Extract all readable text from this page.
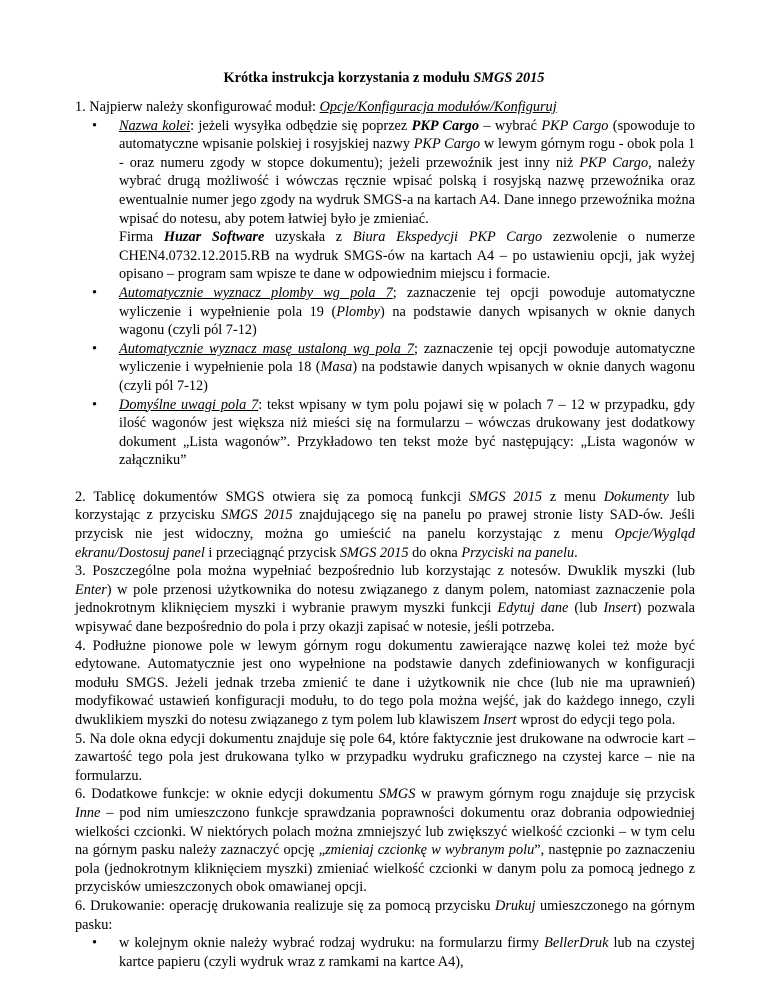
Krótka instrukcja korzystania z modułu SMGS 2015

1. Najpierw należy skonfigurować moduł: Opcje/Konfiguracja modułów/Konfiguruj

• Nazwa kolei: jeżeli wysyłka odbędzie się poprzez PKP Cargo – wybrać PKP Cargo (spowoduje to automatyczne wpisanie polskiej i rosyjskiej nazwy PKP Cargo w lewym górnym rogu - obok pola 1 - oraz numeru zgody w stopce dokumentu); jeżeli przewoźnik jest inny niż PKP Cargo, należy wybrać drugą możliwość i wówczas ręcznie wpisać polską i rosyjską nazwę przewoźnika oraz ewentualnie numer jego zgody na wydruk SMGS-a na kartach A4. Dane innego przewoźnika można wpisać do notesu, aby potem łatwiej było je zmieniać.
Firma Huzar Software uzyskała z Biura Ekspedycji PKP Cargo zezwolenie o numerze CHEN4.0732.12.2015.RB na wydruk SMGS-ów na kartach A4 – po ustawieniu opcji, jak wyżej opisano – program sam wpisze te dane w odpowiednim miejscu i formacie.
• Automatycznie wyznacz plomby wg pola 7; zaznaczenie tej opcji powoduje automatyczne wyliczenie i wypełnienie pola 19 (Plomby) na podstawie danych wpisanych w oknie danych wagonu (czyli pól 7-12)
• Automatycznie wyznacz masę ustaloną wg pola 7; zaznaczenie tej opcji powoduje automatyczne wyliczenie i wypełnienie pola 18 (Masa) na podstawie danych wpisanych w oknie danych wagonu (czyli pól 7-12)
• Domyślne uwagi pola 7: tekst wpisany w tym polu pojawi się w polach 7 – 12 w przypadku, gdy ilość wagonów jest większa niż mieści się na formularzu – wówczas drukowany jest dodatkowy dokument „Lista wagonów”. Przykładowo ten tekst może być następujący: „Lista wagonów w załączniku”

2. Tablicę dokumentów SMGS otwiera się za pomocą funkcji SMGS 2015 z menu Dokumenty lub korzystając z przycisku SMGS 2015 znajdującego się na panelu po prawej stronie listy SAD-ów. Jeśli przycisk nie jest widoczny, można go umieścić na panelu korzystając z menu Opcje/Wygląd ekranu/Dostosuj panel i przeciągnąć przycisk SMGS 2015 do okna Przyciski na panelu.

3. Poszczególne pola można wypełniać bezpośrednio lub korzystając z notesów. Dwuklik myszki (lub Enter) w pole przenosi użytkownika do notesu związanego z danym polem, natomiast zaznaczenie pola jednokrotnym kliknięciem myszki i wybranie prawym myszki funkcji Edytuj dane (lub Insert) pozwala wpisywać dane bezpośrednio do pola i przy okazji zapisać w notesie, jeśli potrzeba.

4. Podłużne pionowe pole w lewym górnym rogu dokumentu zawierające nazwę kolei też może być edytowane. Automatycznie jest ono wypełnione na podstawie danych zdefiniowanych w konfiguracji modułu SMGS. Jeżeli jednak trzeba zmienić te dane i użytkownik nie chce (lub nie ma uprawnień) modyfikować ustawień konfiguracji modułu, to do tego pola można wejść, jak do każdego innego, czyli dwuklikiem myszki do notesu związanego z tym polem lub klawiszem Insert wprost do edycji tego pola.

5. Na dole okna edycji dokumentu znajduje się pole 64, które faktycznie jest drukowane na odwrocie kart – zawartość tego pola jest drukowana tylko w przypadku wydruku graficznego na czystej karce – nie na formularzu.

6. Dodatkowe funkcje: w oknie edycji dokumentu SMGS w prawym górnym rogu znajduje się przycisk Inne – pod nim umieszczono funkcje sprawdzania poprawności dokumentu oraz dobrania odpowiedniej wielkości czcionki. W niektórych polach można zmniejszyć lub zwiększyć wielkość czcionki – w tym celu na górnym pasku należy zaznaczyć opcję „zmieniaj czcionkę w wybranym polu”, następnie po zaznaczeniu pola (jednokrotnym kliknięciem myszki) zmieniać wielkość czcionki w danym polu za pomocą jednego z przycisków umieszczonych obok omawianej opcji.

6. Drukowanie: operację drukowania realizuje się za pomocą przycisku Drukuj umieszczonego na górnym pasku:

• w kolejnym oknie należy wybrać rodzaj wydruku: na formularzu firmy BellerDruk lub na czystej kartce papieru (czyli wydruk wraz z ramkami na kartce A4),
